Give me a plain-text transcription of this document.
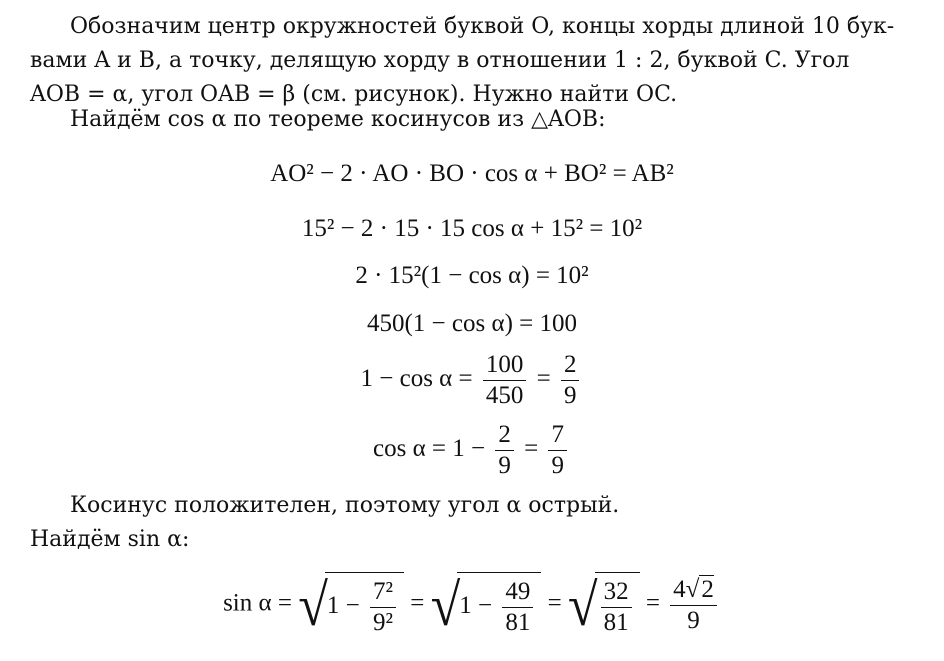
Обозначим центр окружностей буквой O, концы хорды длиной 10 бук-
вами A и B, а точку, делящую хорду в отношении 1 : 2, буквой C. Угол
AOB = α, угол OAB = β (см. рисунок). Нужно найти OC.

Найдём cos α по теореме косинусов из △AOB:

AO² − 2 · AO · BO · cos α + BO² = AB²
15² − 2 · 15 · 15 cos α + 15² = 10²
2 · 15²(1 − cos α) = 10²
450(1 − cos α) = 100
$1 - \cos \alpha = \frac{100}{450} = \frac{2}{9}$
$\cos \alpha = 1 - \frac{2}{9} = \frac{7}{9}$

Косинус положителен, поэтому угол α острый.
Найдём sin α:

$\sin \alpha = √1 - \frac{\text{7²}}{\text{9²}} = √1 - \frac{49}{81}$ = √ $\frac{32}{81} = \frac{4√2}{9}$
